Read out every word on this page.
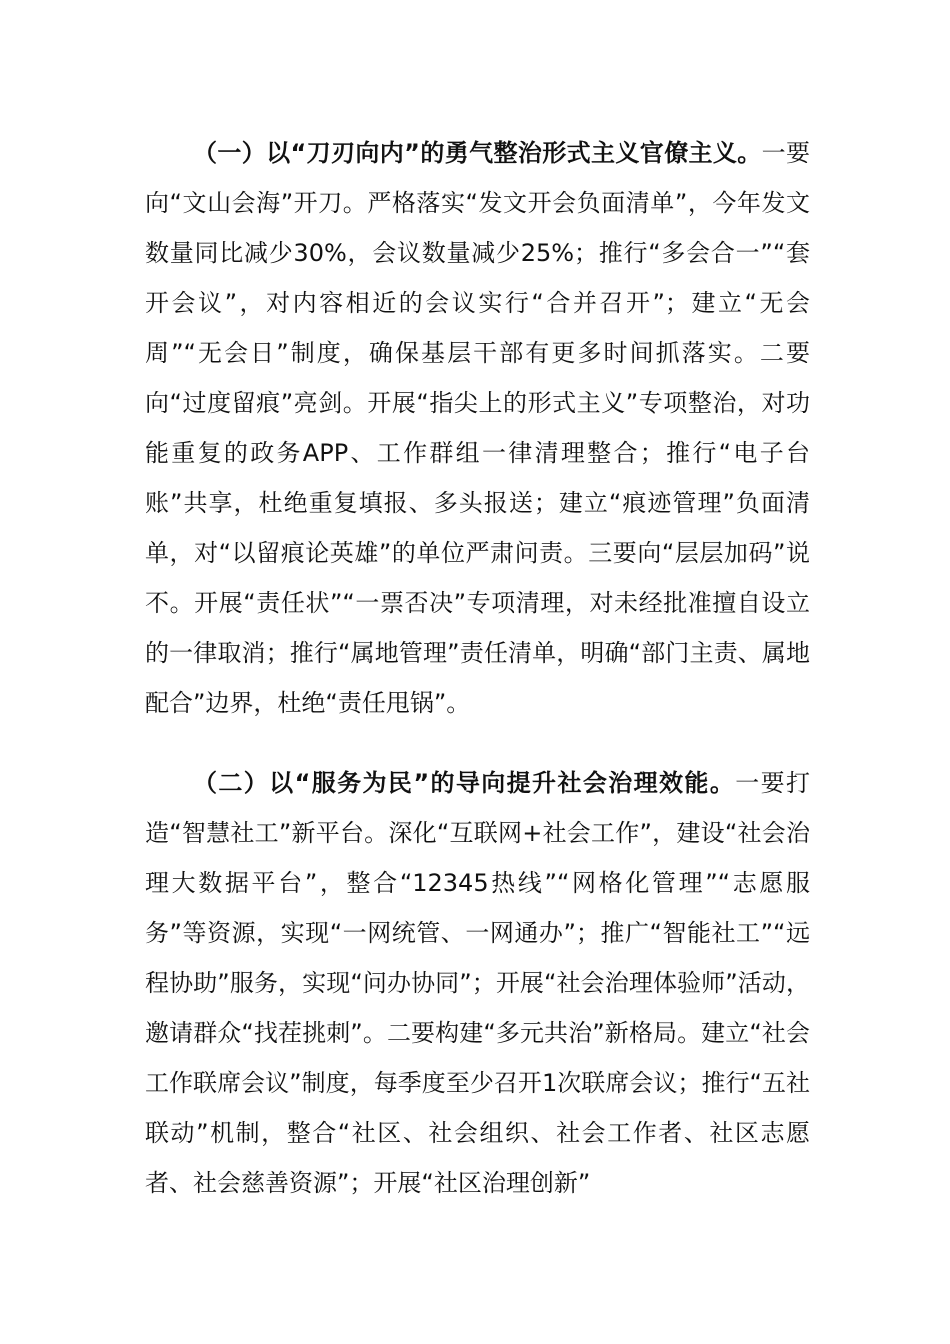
（一）以“刀刃向内”的勇气整治形式主义官僚主义。一要向“文山会海”开刀。严格落实“发文开会负面清单”，今年发文数量同比减少30%，会议数量减少25%；推行“多会合一”“套开会议”，对内容相近的会议实行“合并召开”；建立“无会周”“无会日”制度，确保基层干部有更多时间抓落实。二要向“过度留痕”亮剑。开展“指尖上的形式主义”专项整治，对功能重复的政务APP、工作群组一律清理整合；推行“电子台账”共享，杜绝重复填报、多头报送；建立“痕迹管理”负面清单，对“以留痕论英雄”的单位严肃问责。三要向“层层加码”说不。开展“责任状”“一票否决”专项清理，对未经批准擅自设立的一律取消；推行“属地管理”责任清单，明确“部门主责、属地配合”边界，杜绝“责任甩锅”。

（二）以“服务为民”的导向提升社会治理效能。一要打造“智慧社工”新平台。深化“互联网+社会工作”，建设“社会治理大数据平台”，整合“12345热线”“网格化管理”“志愿服务”等资源，实现“一网统管、一网通办”；推广“智能社工”“远程协助”服务，实现“问办协同”；开展“社会治理体验师”活动，邀请群众“找茬挑刺”。二要构建“多元共治”新格局。建立“社会工作联席会议”制度，每季度至少召开1次联席会议；推行“五社联动”机制，整合“社区、社会组织、社会工作者、社区志愿者、社会慈善资源”；开展“社区治理创新”
